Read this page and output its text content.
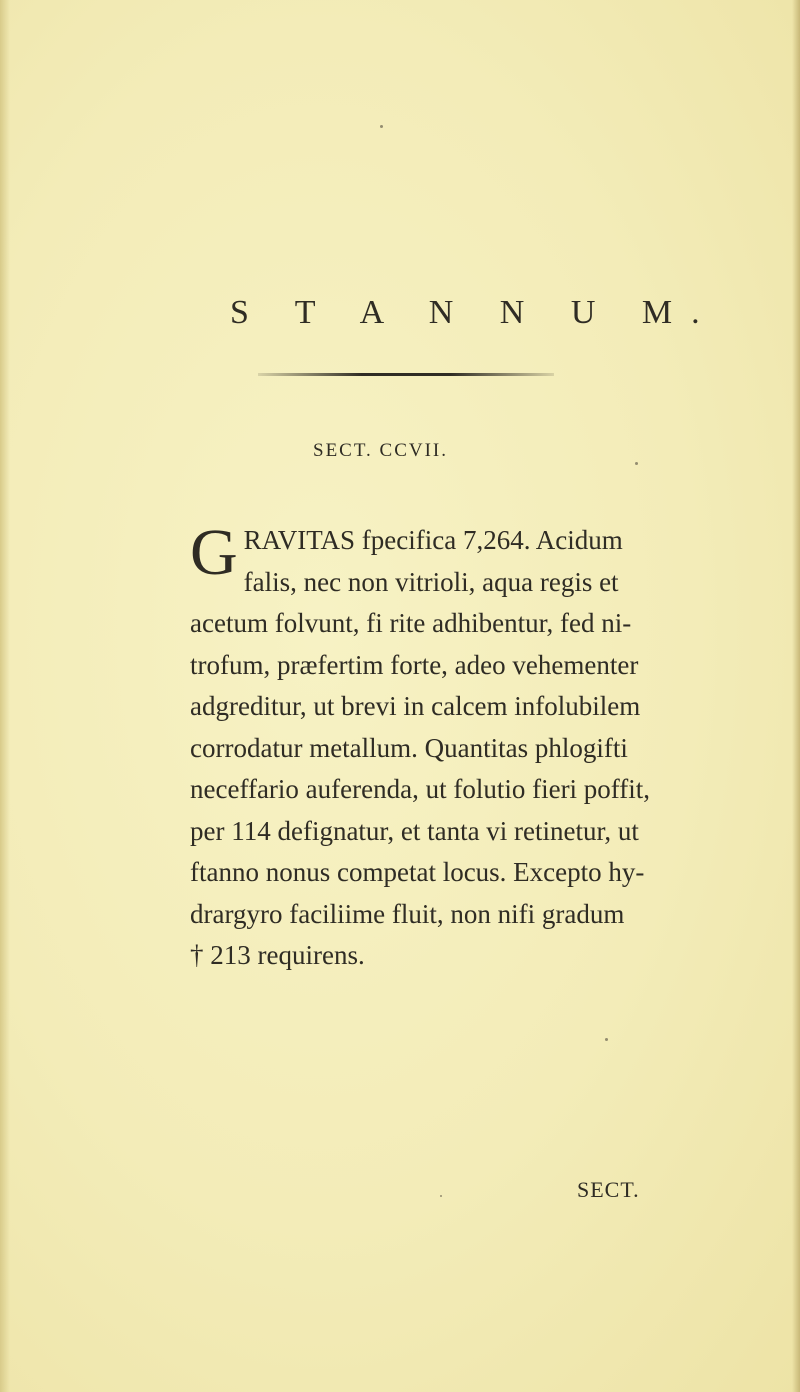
S T A N N U M.
SECT. CCVII.
G RAVITAS fpecifica 7,264. Acidum
falis, nec non vitrioli, aqua regis et
acetum folvunt, fi rite adhibentur, fed ni-
trofum, præfertim forte, adeo vehementer
adgreditur, ut brevi in calcem infolubilem
corrodatur metallum. Quantitas phlogifti
neceffario auferenda, ut folutio fieri poffit,
per 114 defignatur, et tanta vi retinetur, ut
ftanno nonus competat locus. Excepto hy-
drargyro faciliime fluit, non nifi gradum
† 213 requirens.
SECT.
